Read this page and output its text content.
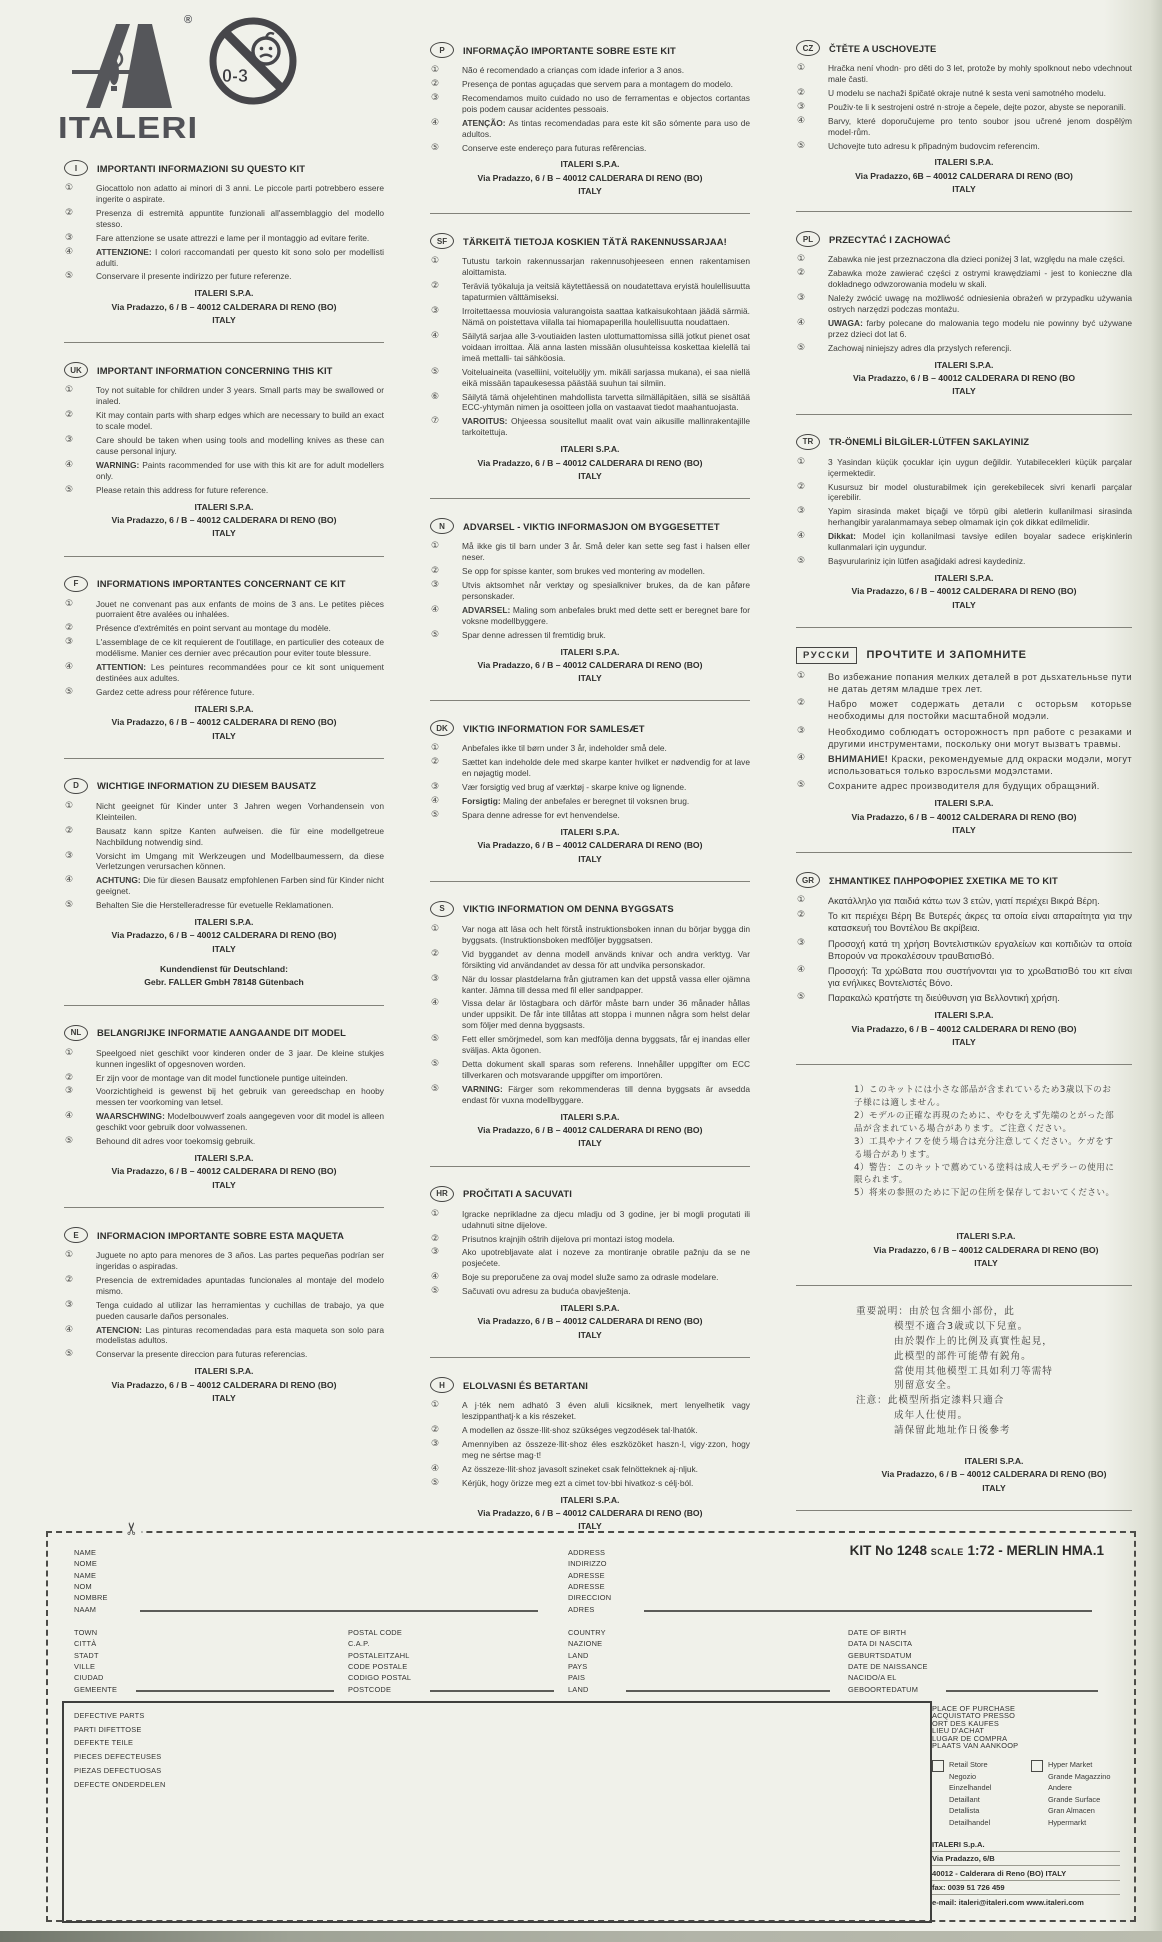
®
ITALERI
0-3
I	IMPORTANTI INFORMAZIONI SU QUESTO KIT
①	Giocattolo non adatto ai minori di 3 anni. Le piccole parti potrebbero essere ingerite o aspirate.
②	Presenza di estremità appuntite funzionali all'assemblaggio del modello stesso.
③	Fare attenzione se usate attrezzi e lame per il montaggio ad evitare ferite.
④	ATTENZIONE: I colori raccomandati per questo kit sono solo per modellisti adulti.
⑤	Conservare il presente indirizzo per future referenze.
ITALERI S.P.A.
Via Pradazzo, 6 / B – 40012 CALDERARA DI RENO (BO)
ITALY
UK	IMPORTANT INFORMATION CONCERNING THIS KIT
①	Toy not suitable for children under 3 years. Small parts may be swallowed or inaled.
②	Kit may contain parts with sharp edges which are necessary to build an exact to scale model.
③	Care should be taken when using tools and modelling knives as these can cause personal injury.
④	WARNING: Paints racommended for use with this kit are for adult modellers only.
⑤	Please retain this address for future reference.
ITALERI S.P.A.
Via Pradazzo, 6 / B – 40012 CALDERARA DI RENO (BO)
ITALY
F	INFORMATIONS IMPORTANTES CONCERNANT CE KIT
①	Jouet ne convenant pas aux enfants de moins de 3 ans. Le petites pièces puorraient être avalées ou inhalées.
②	Présence d'extrémités en point servant au montage du modèle.
③	L'assemblage de ce kit requierent de l'outillage, en particulier des coteaux de modélisme. Manier ces dernier avec précaution pour eviter toute blessure.
④	ATTENTION: Les peintures recommandées pour ce kit sont uniquement destinées aux adultes.
⑤	Gardez cette adress pour référence future.
ITALERI S.P.A.
Via Pradazzo, 6 / B – 40012 CALDERARA DI RENO (BO)
ITALY
D	WICHTIGE INFORMATION ZU DIESEM BAUSATZ
①	Nicht geeignet für Kinder unter 3 Jahren wegen Vorhandensein von Kleinteilen.
②	Bausatz kann spitze Kanten aufweisen. die für eine modellgetreue Nachbildung notwendig sind.
③	Vorsicht im Umgang mit Werkzeugen und Modellbaumessern, da diese Verletzungen verursachen können.
④	ACHTUNG: Die für diesen Bausatz empfohlenen Farben sind für Kinder nicht geeignet.
⑤	Behalten Sie die Herstelleradresse für evetuelle Reklamationen.
ITALERI S.P.A.
Via Pradazzo, 6 / B – 40012 CALDERARA DI RENO (BO)
ITALY
Kundendienst für Deutschland:
Gebr. FALLER GmbH 78148 Gütenbach
NL	BELANGRIJKE INFORMATIE AANGAANDE DIT MODEL
①	Speelgoed niet geschikt voor kinderen onder de 3 jaar. De kleine stukjes kunnen ingeslikt of opgesnoven worden.
②	Er zijn voor de montage van dit model functionele puntige uiteinden.
③	Voorzichtigheid is gewenst bij het gebruik van gereedschap en hooby messen ter voorkoming van letsel.
④	WAARSCHWING: Modelbouwverf zoals aangegeven voor dit model is alleen geschikt voor gebruik door volwassenen.
⑤	Behound dit adres voor toekomsig gebruik.
ITALERI S.P.A.
Via Pradazzo, 6 / B – 40012 CALDERARA DI RENO (BO)
ITALY
E	INFORMACION IMPORTANTE SOBRE ESTA MAQUETA
①	Juguete no apto para menores de 3 años. Las partes pequeñas podrían ser ingeridas o aspiradas.
②	Presencia de extremidades apuntadas funcionales al montaje del modelo mismo.
③	Tenga cuidado al utilizar las herramientas y cuchillas de trabajo, ya que pueden causarle daños personales.
④	ATENCION: Las pinturas recomendadas para esta maqueta son solo para modelistas adultos.
⑤	Conservar la presente direccion para futuras referencias.
ITALERI S.P.A.
Via Pradazzo, 6 / B – 40012 CALDERARA DI RENO (BO)
ITALY
P	INFORMAÇÃO IMPORTANTE SOBRE ESTE KIT
①	Não é recomendado a crianças com idade inferior a 3 anos.
②	Presença de pontas aguçadas que servem para a montagem do modelo.
③	Recomendamos muito cuidado no uso de ferramentas e objectos cortantas pois podem causar acidentes pessoais.
④	ATENÇÃO: As tintas recomendadas para este kit são sómente para uso de adultos.
⑤	Conserve este endereço para futuras refêrencias.
ITALERI S.P.A.
Via Pradazzo, 6 / B – 40012 CALDERARA DI RENO (BO)
ITALY
SF	TÄRKEITÄ TIETOJA KOSKIEN TÄTÄ RAKENNUSSARJAA!
①	Tutustu tarkoin rakennussarjan rakennusohjeeseen ennen rakentamisen aloittamista.
②	Teräviä työkaluja ja veitsiä käytettäessä on noudatettava eryistä houlellisuutta tapaturmien välttämiseksi.
③	Irroitettaessa mouviosia valurangoista saattaa katkaisukohtaan jäädä särmiä. Nämä on poistettava viilalla tai hiomapaperilla houlellisuutta noudattaen.
④	Säilytä sarjaa alle 3-voutiaiden lasten ulottumattomissa sillä jotkut pienet osat voidaan irroittaa. Älä anna lasten missään olusuhteissa koskettaa kielellä tai imeä mettalli- tai sähköosia.
⑤	Voiteluaineita (vaselliini, voiteluöljy ym. mikäli sarjassa mukana), ei saa niellä eikä missään tapaukesessa päästää suuhun tai silmiin.
⑥	Säilytä tämä ohjelehtinen mahdollista tarvetta silmälläpitäen, sillä se sisältää ECC-yhtymän nimen ja osoitteen jolla on vastaavat tiedot maahantuojasta.
⑦	VAROITUS: Ohjeessa sousitellut maalit ovat vain aikusille mallinrakentajille tarkoitettuja.
ITALERI S.P.A.
Via Pradazzo, 6 / B – 40012 CALDERARA DI RENO (BO)
ITALY
N	ADVARSEL - VIKTIG INFORMASJON OM BYGGESETTET
①	Må ikke gis til barn under 3 år. Små deler kan sette seg fast i halsen eller neser.
②	Se opp for spisse kanter, som brukes ved montering av modellen.
③	Utvis aktsomhet når verktøy og spesialkniver brukes, da de kan påføre personskader.
④	ADVARSEL: Maling som anbefales brukt med dette sett er beregnet bare for voksne modellbyggere.
⑤	Spar denne adressen til fremtidig bruk.
ITALERI S.P.A.
Via Pradazzo, 6 / B – 40012 CALDERARA DI RENO (BO)
ITALY
DK	VIKTIG INFORMATION FOR SAMLESÆT
①	Anbefales ikke til børn under 3 år, indeholder små dele.
②	Sættet kan indeholde dele med skarpe kanter hvilket er nødvendig for at lave en nøjagtig model.
③	Vær forsigtig ved brug af værktøj - skarpe knive og lignende.
④	Forsigtig: Maling der anbefales er beregnet til voksnen brug.
⑤	Spara denne adresse for evt henvendelse.
ITALERI S.P.A.
Via Pradazzo, 6 / B – 40012 CALDERARA DI RENO (BO)
ITALY
S	VIKTIG INFORMATION OM DENNA BYGGSATS
①	Var noga att läsa och helt förstå instruktionsboken innan du börjar bygga din byggsats. (Instruktionsboken medföljer byggsatsen.
②	Vid byggandet av denna modell används knivar och andra verktyg. Var försikting vid användandet av dessa för att undvika personskador.
③	När du lossar plastdelarna från gjutramen kan det uppstå vassa eller ojämna kanter. Jämna till dessa med fil eller sandpapper.
④	Vissa delar är löstagbara och därför måste barn under 36 månader hållas under uppsikit. De får inte tillåtas att stoppa i munnen några som helst delar som följer med denna byggsasts.
⑤	Fett eller smörjmedel, som kan medfölja denna byggsats, får ej inandas eller sväljas. Akta ögonen.
⑤	Detta dokument skall sparas som referens. Innehåller uppgifter om ECC tillverkaren och motsvarande uppgifter om importören.
⑤	VARNING: Färger som rekommenderas till denna byggsats är avsedda endast för vuxna modellbyggare.
ITALERI S.P.A.
Via Pradazzo, 6 / B – 40012 CALDERARA DI RENO (BO)
ITALY
HR	PROČITATI A SACUVATI
①	Igracke neprikladne za djecu mladju od 3 godine, jer bi mogli progutati ili udahnuti sitne dijelove.
②	Prisutnos krajnjih oštrih dijelova pri montazi istog modela.
③	Ako upotrebljavate alat i nozeve za montiranje obratile pažnju da se ne posjećete.
④	Boje su preporučene za ovaj model služe samo za odrasle modelare.
⑤	Sačuvati ovu adresu za buduća obavještenja.
ITALERI S.P.A.
Via Pradazzo, 6 / B – 40012 CALDERARA DI RENO (BO)
ITALY
H	ELOLVASNI ÉS BETARTANI
①	A j·ték nem adható 3 éven aluli kicsiknek, mert lenyelhetik vagy leszippanthatj·k a kis részeket.
②	A modellen az össze·llit·shoz szükséges vegzodések tal·lhatók.
③	Amennyiben az összeze·llit·shoz éles eszközöket haszn·l, vigy·zzon, hogy meg ne sértse mag·t!
④	Az összeze·llit·shoz javasolt szineket csak felnötteknek aj·nljuk.
⑤	Kérjük, hogy örizze meg ezt a cimet tov·bbi hivatkoz·s célj·ból.
ITALERI S.P.A.
Via Pradazzo, 6 / B – 40012 CALDERARA DI RENO (BO)
ITALY
CZ	ČTĚTE A USCHOVEJTE
①	Hračka není vhodn· pro děti do 3 let, protože by mohly spolknout nebo vdechnout male časti.
②	U modelu se nachaži špičaté okraje nutné k sesta veni samotného modelu.
③	Použiv·te li k sestrojeni ostré n·stroje a čepele, dejte pozor, abyste se neporanili.
④	Barvy, které doporučujeme pro tento soubor jsou učrené jenom dospělým model·rům.
⑤	Uchovejte tuto adresu k připadným budovcim referencim.
ITALERI S.P.A.
Via Pradazzo, 6B – 40012 CALDERARA DI RENO (BO)
ITALY
PL	PRZECYTAĆ I ZACHOWAĆ
①	Zabawka nie jest przeznaczona dla dzieci poniżej 3 lat, względu na male części.
②	Zabawka może zawierać części z ostrymi krawędziami - jest to konieczne dla dokładnego odwzorowania modelu w skali.
③	Należy zwócić uwagę na możliwość odniesienia obrażeń w przypadku używania ostrych narzędzi podczas montażu.
④	UWAGA: farby polecane do malowania tego modelu nie powinny być używane przez dzieci dot lat 6.
⑤	Zachowaj niniejszy adres dla przyslych referencji.
ITALERI S.P.A.
Via Pradazzo, 6 / B – 40012 CALDERARA DI RENO (BO
ITALY
TR	TR-ÖNEMLİ BİLGİLER-LÜTFEN SAKLAYINIZ
①	3 Yasindan küçük çocuklar için uygun değildir. Yutabilecekleri küçük parçalar içermektedir.
②	Kusursuz bir model olusturabilmek için gerekebilecek sivri kenarli parçalar içerebilir.
③	Yapim sirasinda maket biçaği ve törpü gibi aletlerin kullanilmasi sirasinda herhangibir yaralanmamaya sebep olmamak için çok dikkat edilmelidir.
④	Dikkat: Model için kollanilmasi tavsiye edilen boyalar sadece erişkinlerin kullanmalari için uygundur.
⑤	Başvurulariniz için lütfen asağidaki adresi kaydediniz.
ITALERI S.P.A.
Via Pradazzo, 6 / B – 40012 CALDERARA DI RENO (BO)
ITALY
РУССКИ	ПРОЧТИТЕ И ЗАПОМНИТЕ
①	Во избежание попания мелких деталей в рот дьѕхательньѕе пути не датаь детям младше трех лет.
②	Набро может содержать детали с осторьѕм которьѕе необходимы для постойки масштабной модэли.
③	Необходимо соблюдатъ осторожностъ прп работе с резаками и другими инструментами, поскольку они могут вызватъ травмы.
④	ВНИМАНИЕ! Краски, рекомендуемые длд окраски модэли, могут использоваться только взросльѕми модэлстами.
⑤	Сохраните адрес производителя для будущих обращэний.
ITALERI S.P.A.
Via Pradazzo, 6 / B – 40012 CALDERARA DI RENO (BO)
ITALY
GR	ΣΗΜΑΝΤΙΚΕΣ ΠΛΗΡΟΦΟΡΙΕΣ ΣΧΕΤΙΚΑ ΜΕ ΤΟ KIT
①	Ακατάλληλο για παιδιά κάτω των 3 ετών, γιατί περιέχει Βικρά Βέρη.
②	Το κιτ περιέχει Βέρη Βε Βυτερές άκρες τα οποία είναι απαραίτητα για την κατασκευή του Βοντέλου Βε ακρίβεια.
③	Προσοχή κατά τη χρήση Βοντελιστικών εργαλείων και κοπιδιών τα οποία Βπορούν να προκαλέσουν τραυΒατισΒό.
④	Προσοχή: Τα χρώΒατα που συστήνονται για το χρωΒατισΒό του κιτ είναι για ενήλικες Βοντελιστές Βόνο.
⑤	Παρακαλώ κρατήστε τη διεύθυνση για Βελλοντική χρήση.
ITALERI S.P.A.
Via Pradazzo, 6 / B – 40012 CALDERARA DI RENO (BO)
ITALY
1）このキットには小さな部品が含まれているため3歳以下のお子様には適しません。
2）モデルの正確な再現のために、やむをえず先端のとがった部品が含まれている場合があります。ご注意ください。
3）工具やナイフを使う場合は充分注意してください。ケガをする場合があります。
4）警告：このキットで薦めている塗料は成人モデラーの使用に限られます。
5）将来の参照のために下記の住所を保存しておいてください。
ITALERI S.P.A.
Via Pradazzo, 6 / B – 40012 CALDERARA DI RENO (BO)
ITALY
重要説明：由於包含細小部份，此
模型不適合3歳或以下兒童。
由於製作上的比例及真實性起見，
此模型的部件可能帶有鋭角。
當使用其他模型工具如利刀等需特
別留意安全。
注意：此模型所指定漆料只適合
成年人仕使用。
請保留此地址作日後參考
ITALERI S.P.A.
Via Pradazzo, 6 / B – 40012 CALDERARA DI RENO (BO)
ITALY
✂
KIT No 1248 SCALE 1:72 - MERLIN HMA.1
NAME
NOME
NAME
NOM
NOMBRE
NAAM
ADDRESS
INDIRIZZO
ADRESSE
ADRESSE
DIRECCION
ADRES
TOWN
CITTÀ
STADT
VILLE
CIUDAD
GEMEENTE
POSTAL CODE
C.A.P.
POSTALEITZAHL
CODE POSTALE
CODIGO POSTAL
POSTCODE
COUNTRY
NAZIONE
LAND
PAYS
PAIS
LAND
DATE OF BIRTH
DATA DI NASCITA
GEBURTSDATUM
DATE DE NAISSANCE
NACIDO/A EL
GEBOORTEDATUM
DEFECTIVE PARTS
PARTI DIFETTOSE
DEFEKTE TEILE
PIECES DEFECTEUSES
PIEZAS DEFECTUOSAS
DEFECTE ONDERDELEN
PLACE OF PURCHASE
ACQUISTATO PRESSO
ORT DES KAUFES
LIEU D'ACHAT
LUGAR DE COMPRA
PLAATS VAN AANKOOP
Retail Store
Negozio
Einzelhandel
Detaillant
Detallista
Detailhandel
Hyper Market
Grande Magazzino
Andere
Grande Surface
Gran Almacen
Hypermarkt
ITALERI S.p.A.
Via Pradazzo, 6/B
40012 - Calderara di Reno (BO) ITALY
fax: 0039 51 726 459
e-mail: italeri@italeri.com www.italeri.com
